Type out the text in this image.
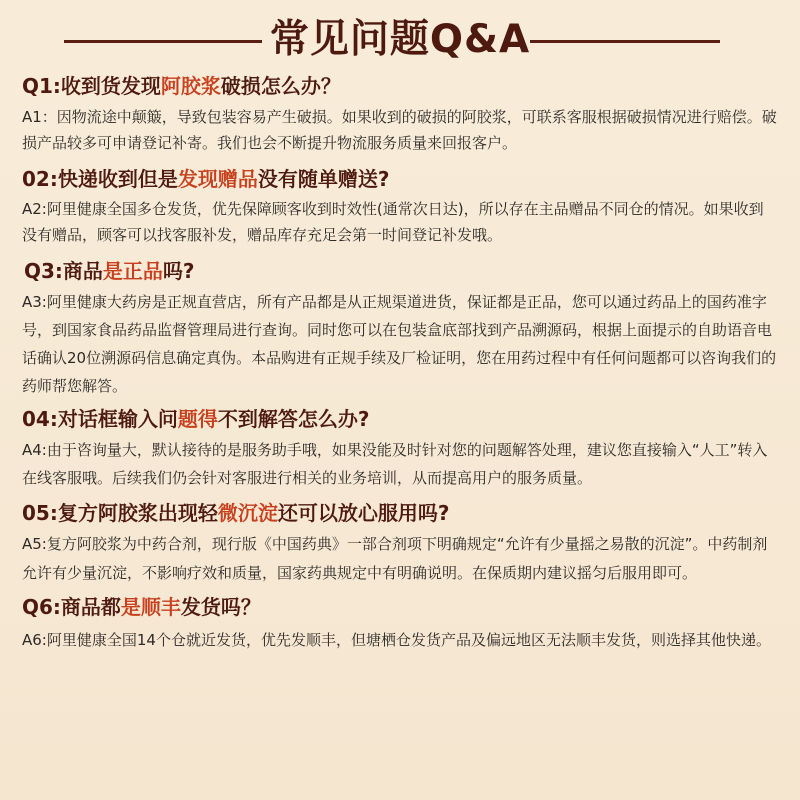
常见问题Q&A
Q1:收到货发现阿胶浆破损怎么办？
A1：因物流途中颠簸，导致包装容易产生破损。如果收到的破损的阿胶浆，可联系客服根据破损情况进行赔偿。破损产品较多可申请登记补寄。我们也会不断提升物流服务质量来回报客户。
02:快递收到但是发现赠品没有随单赠送?
A2:阿里健康全国多仓发货，优先保障顾客收到时效性(通常次日达)，所以存在主品赠品不同仓的情况。如果收到没有赠品，顾客可以找客服补发，赠品库存充足会第一时间登记补发哦。
Q3:商品是正品吗?
A3:阿里健康大药房是正规直营店，所有产品都是从正规渠道进货，保证都是正品，您可以通过药品上的国药准字号，到国家食品药品监督管理局进行查询。同时您可以在包装盒底部找到产品溯源码，根据上面提示的自助语音电话确认20位溯源码信息确定真伪。本品购进有正规手续及厂检证明，您在用药过程中有任何问题都可以咨询我们的药师帮您解答。
04:对话框输入问题得不到解答怎么办?
A4:由于咨询量大，默认接待的是服务助手哦，如果没能及时针对您的问题解答处理，建议您直接输入“人工”转入在线客服哦。后续我们仍会针对客服进行相关的业务培训，从而提高用户的服务质量。
05:复方阿胶浆出现轻微沉淀还可以放心服用吗?
A5:复方阿胶浆为中药合剂，现行版《中国药典》一部合剂项下明确规定“允许有少量摇之易散的沉淀”。中药制剂允许有少量沉淀，不影响疗效和质量，国家药典规定中有明确说明。在保质期内建议摇匀后服用即可。
Q6:商品都是顺丰发货吗？
A6:阿里健康全国14个仓就近发货，优先发顺丰，但塘栖仓发货产品及偏远地区无法顺丰发货，则选择其他快递。
